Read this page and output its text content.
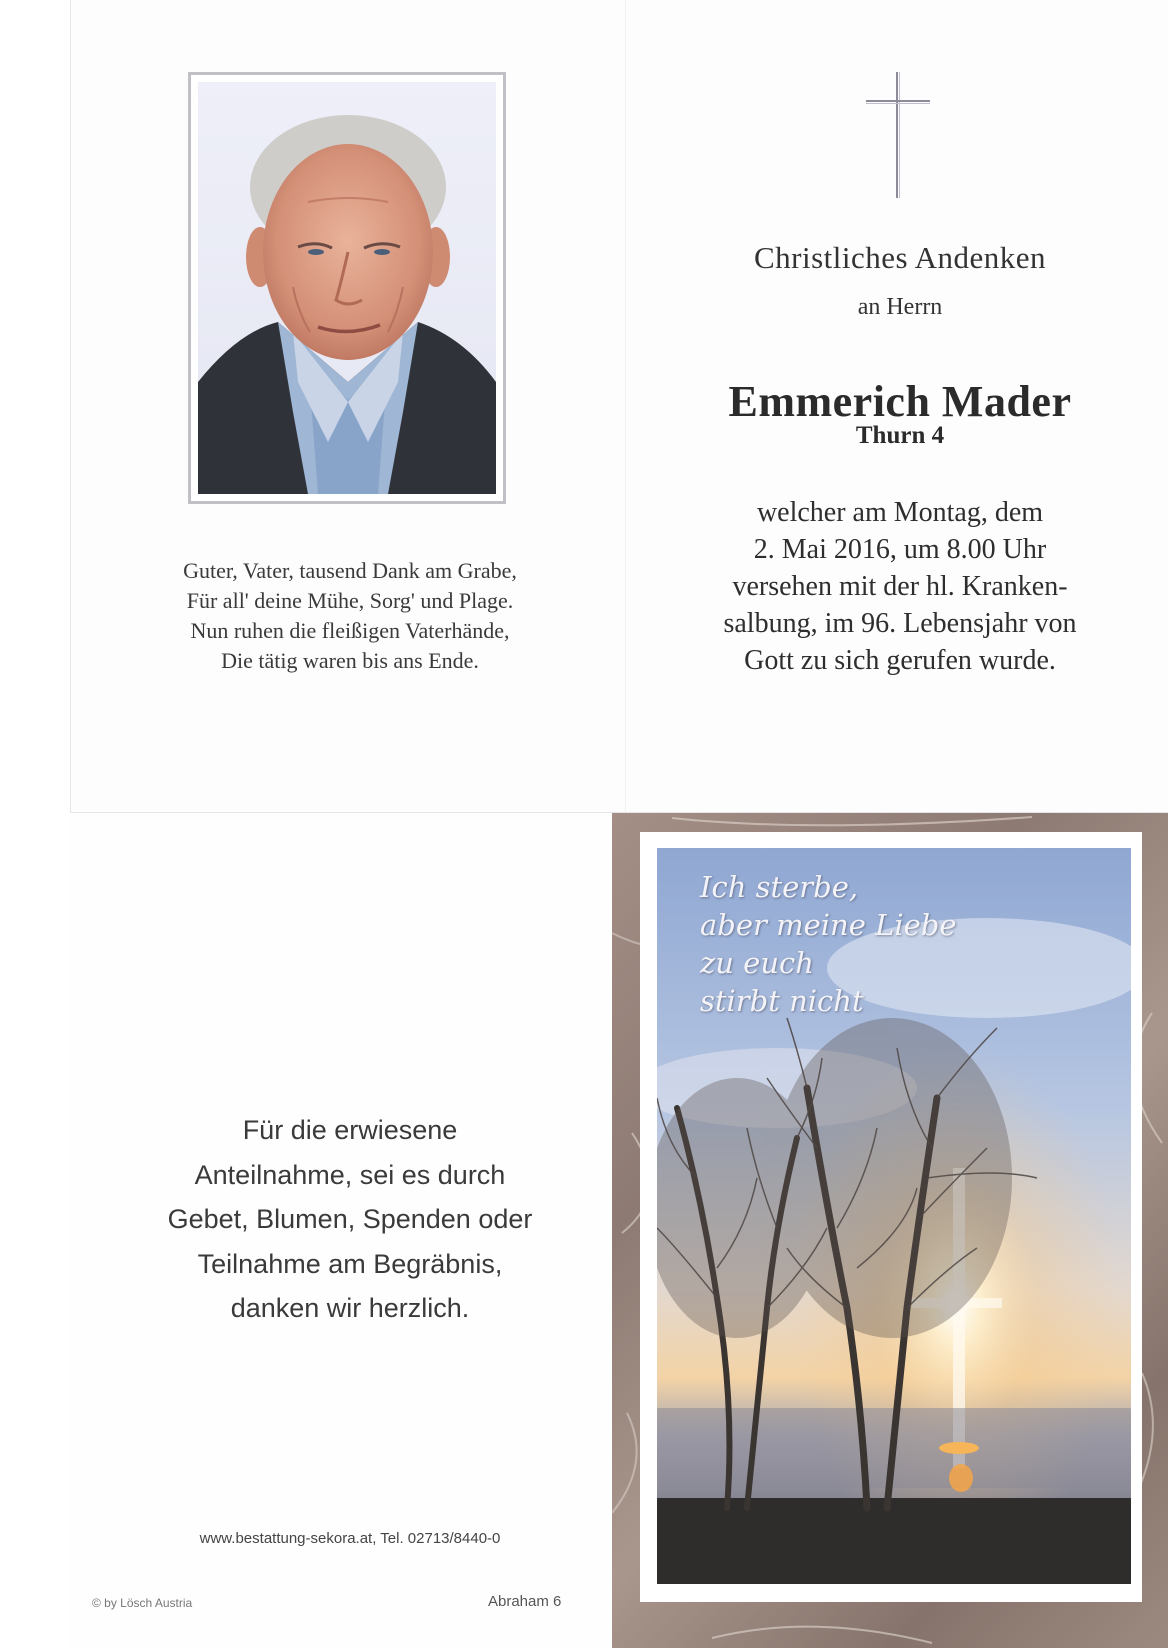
Guter, Vater, tausend Dank am Grabe,
Für all' deine Mühe, Sorg' und Plage.
Nun ruhen die fleißigen Vaterhände,
Die tätig waren bis ans Ende.
Christliches Andenken
an Herrn
Emmerich Mader
Thurn 4
welcher am Montag, dem
2. Mai 2016, um 8.00 Uhr
versehen mit der hl. Kranken-
salbung, im 96. Lebensjahr von
Gott zu sich gerufen wurde.
Für die erwiesene
Anteilnahme, sei es durch
Gebet, Blumen, Spenden oder
Teilnahme am Begräbnis,
danken wir herzlich.
www.bestattung-sekora.at, Tel. 02713/8440-0
© by Lösch Austria	Abraham 6
Ich sterbe,
aber meine Liebe
zu euch
stirbt nicht
